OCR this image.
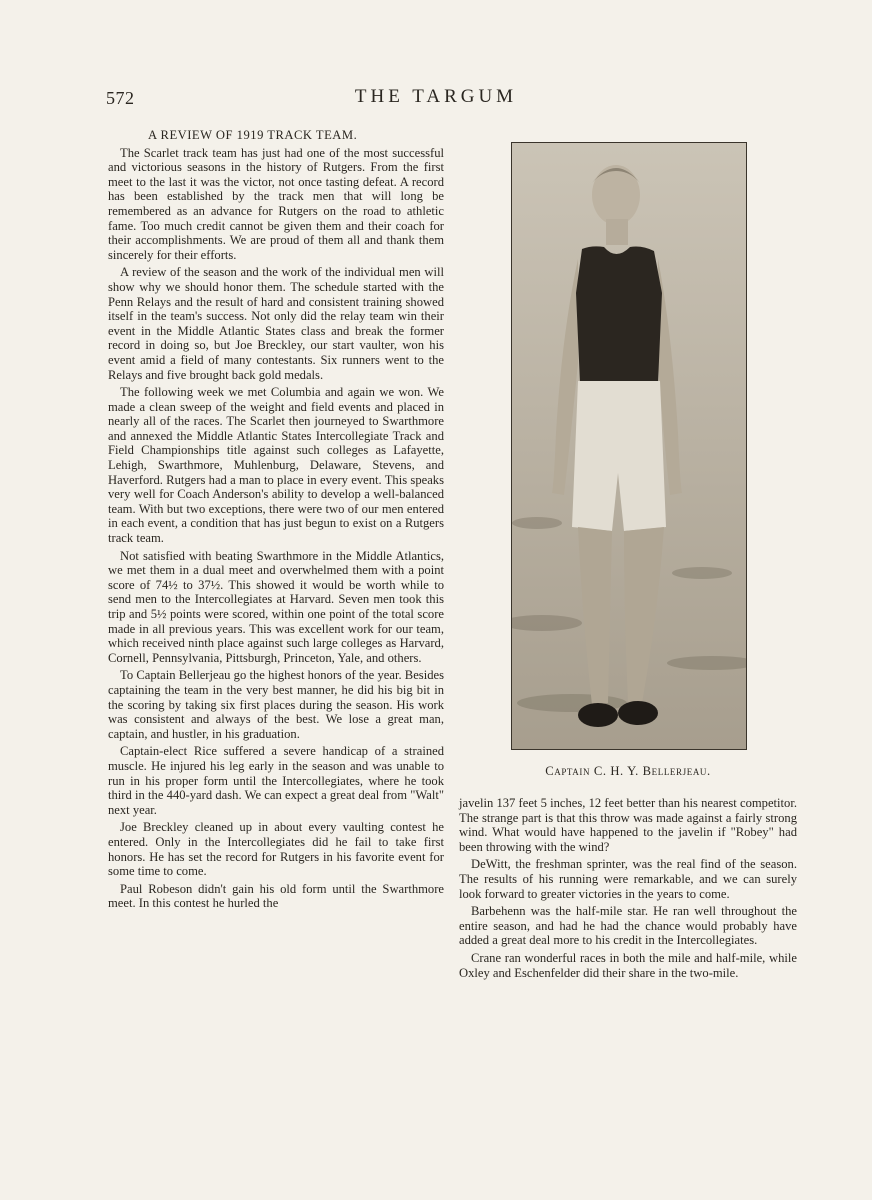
572	THE TARGUM
A REVIEW OF 1919 TRACK TEAM.

The Scarlet track team has just had one of the most successful and victorious seasons in the history of Rutgers. From the first meet to the last it was the victor, not once tasting defeat. A record has been established by the track men that will long be remembered as an advance for Rutgers on the road to athletic fame. Too much credit cannot be given them and their coach for their accomplishments. We are proud of them all and thank them sincerely for their efforts.

A review of the season and the work of the individual men will show why we should honor them. The schedule started with the Penn Relays and the result of hard and consistent training showed itself in the team's success. Not only did the relay team win their event in the Middle Atlantic States class and break the former record in doing so, but Joe Breckley, our start vaulter, won his event amid a field of many contestants. Six runners went to the Relays and five brought back gold medals.

The following week we met Columbia and again we won. We made a clean sweep of the weight and field events and placed in nearly all of the races. The Scarlet then journeyed to Swarthmore and annexed the Middle Atlantic States Intercollegiate Track and Field Championships title against such colleges as Lafayette, Lehigh, Swarthmore, Muhlenburg, Delaware, Stevens, and Haverford. Rutgers had a man to place in every event. This speaks very well for Coach Anderson's ability to develop a well-balanced team. With but two exceptions, there were two of our men entered in each event, a condition that has just begun to exist on a Rutgers track team.

Not satisfied with beating Swarthmore in the Middle Atlantics, we met them in a dual meet and overwhelmed them with a point score of 74½ to 37½. This showed it would be worth while to send men to the Intercollegiates at Harvard. Seven men took this trip and 5½ points were scored, within one point of the total score made in all previous years. This was excellent work for our team, which received ninth place against such large colleges as Harvard, Cornell, Pennsylvania, Pittsburgh, Princeton, Yale, and others.

To Captain Bellerjeau go the highest honors of the year. Besides captaining the team in the very best manner, he did his big bit in the scoring by taking six first places during the season. His work was consistent and always of the best. We lose a great man, captain, and hustler, in his graduation.

Captain-elect Rice suffered a severe handicap of a strained muscle. He injured his leg early in the season and was unable to run in his proper form until the Intercollegiates, where he took third in the 440-yard dash. We can expect a great deal from "Walt" next year.

Joe Breckley cleaned up in about every vaulting contest he entered. Only in the Intercollegiates did he fail to take first honors. He has set the record for Rutgers in his favorite event for some time to come.

Paul Robeson didn't gain his old form until the Swarthmore meet. In this contest he hurled the

Captain C. H. Y. Bellerjeau.

javelin 137 feet 5 inches, 12 feet better than his nearest competitor. The strange part is that this throw was made against a fairly strong wind. What would have happened to the javelin if "Robey" had been throwing with the wind?

DeWitt, the freshman sprinter, was the real find of the season. The results of his running were remarkable, and we can surely look forward to greater victories in the years to come.

Barbehenn was the half-mile star. He ran well throughout the entire season, and had he had the chance would probably have added a great deal more to his credit in the Intercollegiates.

Crane ran wonderful races in both the mile and half-mile, while Oxley and Eschenfelder did their share in the two-mile.
